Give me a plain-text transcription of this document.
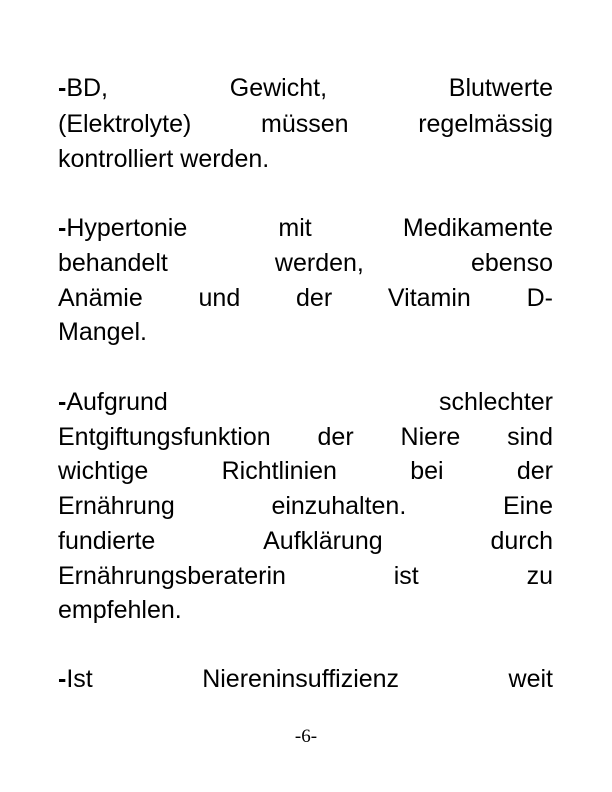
-BD,	Gewicht,	Blutwerte
(Elektrolyte)	müssen	regelmässig
kontrolliert werden.
-Hypertonie	mit	Medikamente
behandelt	werden,	ebenso
Anämie und der Vitamin D-
Mangel.
-Aufgrund	schlechter
Entgiftungsfunktion der Niere sind
wichtige	Richtlinien	bei	der
Ernährung	einzuhalten.	Eine
fundierte	Aufklärung	durch
Ernährungsberaterin	ist	zu
empfehlen.
-Ist	Niereninsuffizienz	weit
-6-
